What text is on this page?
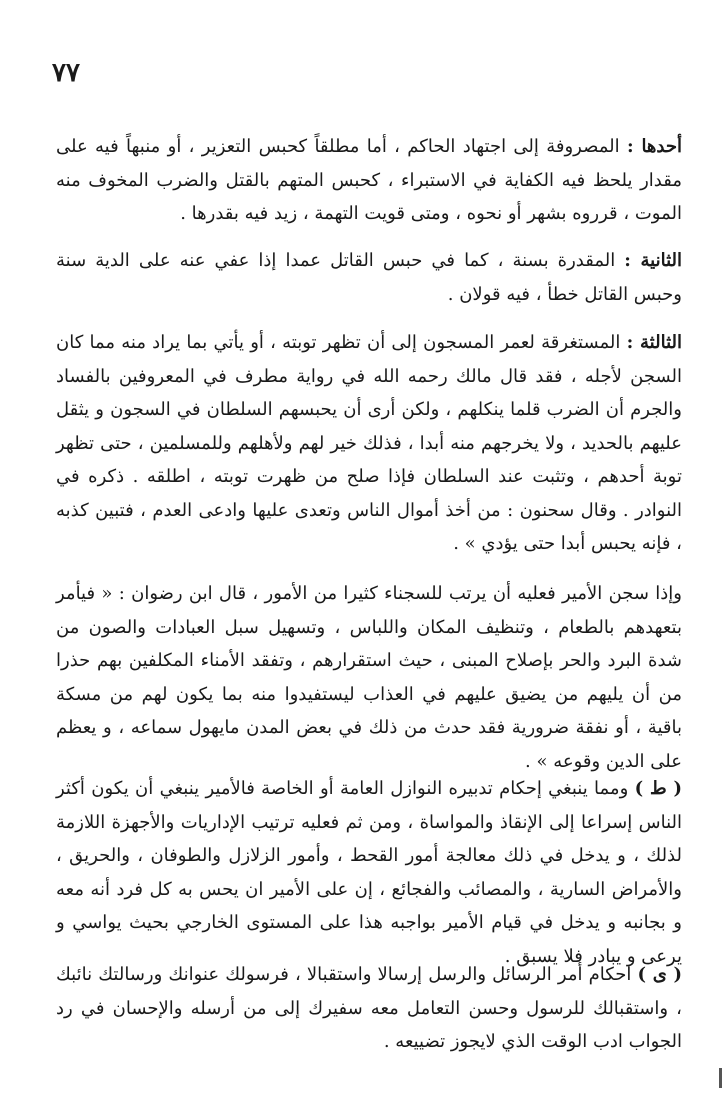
٧٧

أحدها : المصروفة إلى اجتهاد الحاكم ، أما مطلقاً كحبس التعزير ، أو منبهاً فيه على مقدار يلحظ فيه الكفاية في الاستبراء ، كحبس المتهم بالقتل والضرب المخوف منه الموت ، قرروه بشهر أو نحوه ، ومتى قويت التهمة ، زيد فيه بقدرها .

الثانية : المقدرة بسنة ، كما في حبس القاتل عمدا إذا عفي عنه على الدية سنة وحبس القاتل خطأ ، فيه قولان .

الثالثة : المستغرقة لعمر المسجون إلى أن تظهر توبته ، أو يأتي بما يراد منه مما كان السجن لأجله ، فقد قال مالك رحمه الله في رواية مطرف في المعروفين بالفساد والجرم أن الضرب قلما ينكلهم ، ولكن أرى أن يحبسهم السلطان في السجون و يثقل عليهم بالحديد ، ولا يخرجهم منه أبدا ، فذلك خير لهم ولأهلهم وللمسلمين ، حتى تظهر توبة أحدهم ، وتثبت عند السلطان فإذا صلح من ظهرت توبته ، اطلقه . ذكره في النوادر . وقال سحنون : من أخذ أموال الناس وتعدى عليها وادعى العدم ، فتبين كذبه ، فإنه يحبس أبدا حتى يؤدي » .

وإذا سجن الأمير فعليه أن يرتب للسجناء كثيرا من الأمور ، قال ابن رضوان : « فيأمر بتعهدهم بالطعام ، وتنظيف المكان واللباس ، وتسهيل سبل العبادات والصون من شدة البرد والحر بإصلاح المبنى ، حيث استقرارهم ، وتفقد الأمناء المكلفين بهم حذرا من أن يليهم من يضيق عليهم في العذاب ليستفيدوا منه بما يكون لهم من مسكة باقية ، أو نفقة ضرورية فقد حدث من ذلك في بعض المدن مايهول سماعه ، و يعظم على الدين وقوعه » .

( ط ) ومما ينبغي إحكام تدبيره النوازل العامة أو الخاصة فالأمير ينبغي أن يكون أكثر الناس إسراعا إلى الإنقاذ والمواساة ، ومن ثم فعليه ترتيب الإداريات والأجهزة اللازمة لذلك ، و يدخل في ذلك معالجة أمور القحط ، وأمور الزلازل والطوفان ، والحريق ، والأمراض السارية ، والمصائب والفجائع ، إن على الأمير ان يحس به كل فرد أنه معه و بجانبه و يدخل في قيام الأمير بواجبه هذا على المستوى الخارجي بحيث يواسي و يرعى و يبادر فلا يسبق .

( ى ) احكام أمر الرسائل والرسل إرسالا واستقبالا ، فرسولك عنوانك ورسالتك نائبك ، واستقبالك للرسول وحسن التعامل معه سفيرك إلى من أرسله والإحسان في رد الجواب ادب الوقت الذي لايجوز تضييعه .
